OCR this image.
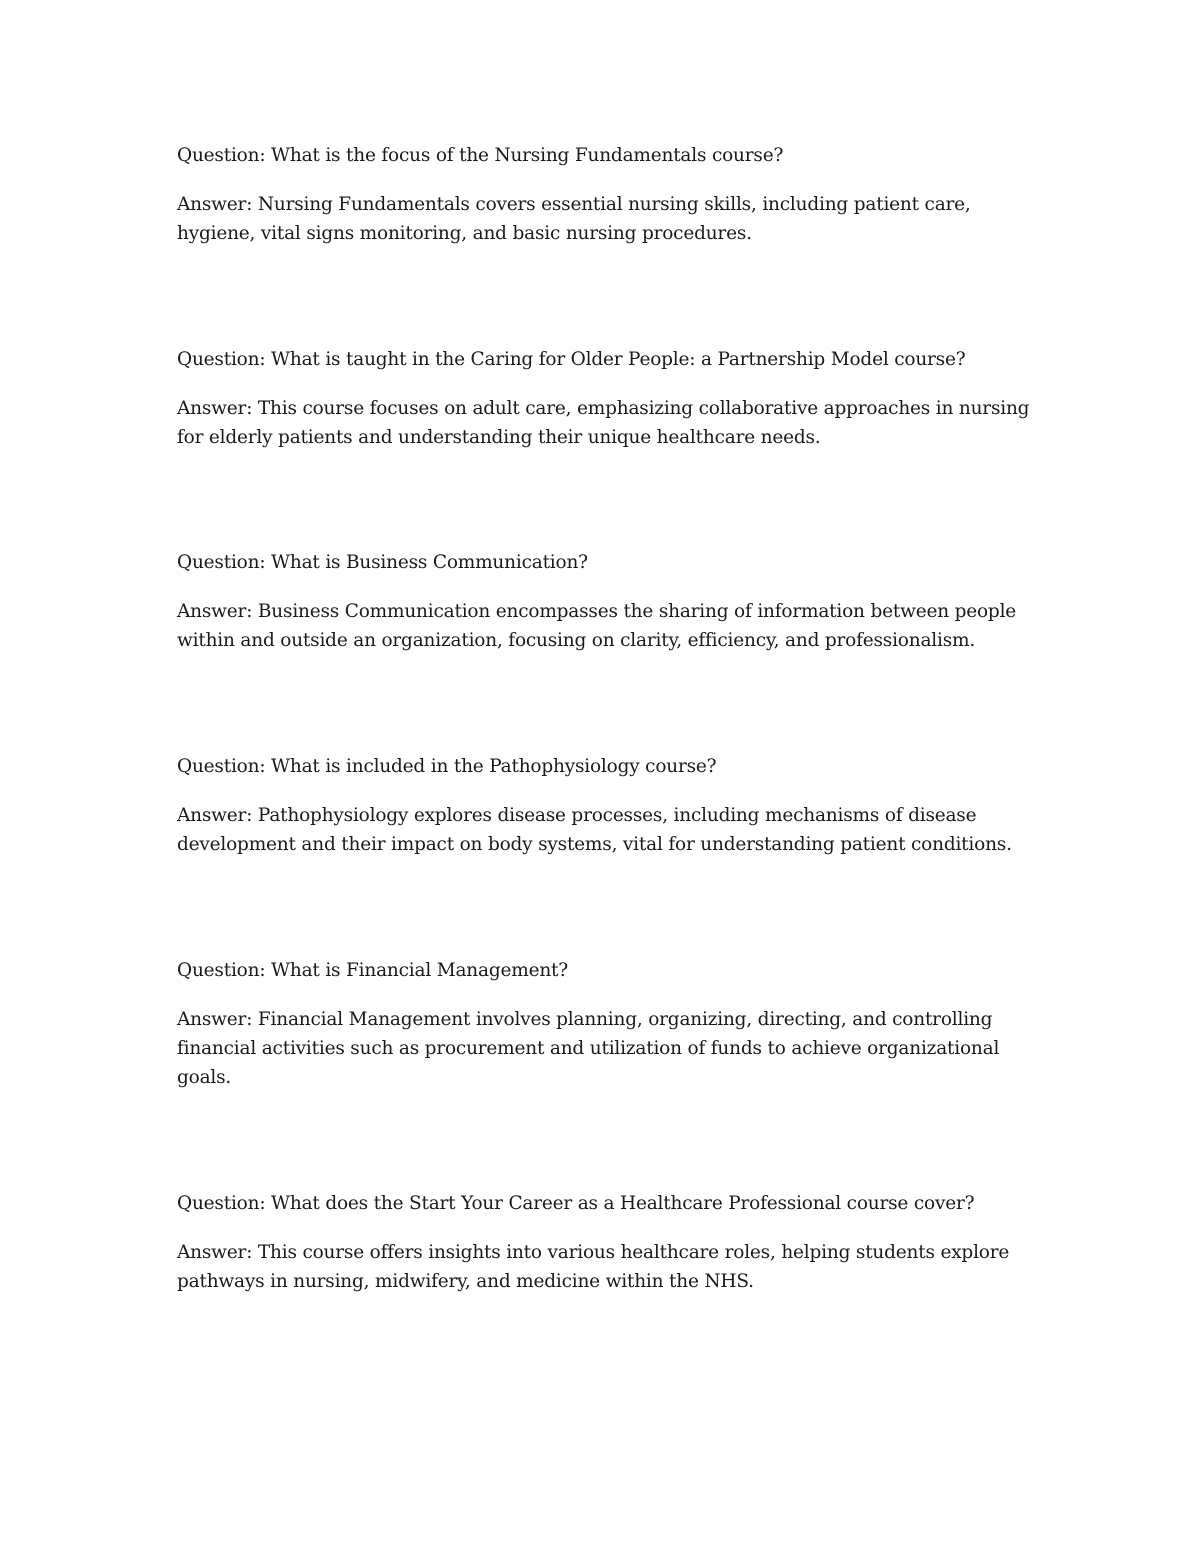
Question: What is the focus of the Nursing Fundamentals course?

Answer: Nursing Fundamentals covers essential nursing skills, including patient care, hygiene, vital signs monitoring, and basic nursing procedures.

Question: What is taught in the Caring for Older People: a Partnership Model course?

Answer: This course focuses on adult care, emphasizing collaborative approaches in nursing for elderly patients and understanding their unique healthcare needs.

Question: What is Business Communication?

Answer: Business Communication encompasses the sharing of information between people within and outside an organization, focusing on clarity, efficiency, and professionalism.

Question: What is included in the Pathophysiology course?

Answer: Pathophysiology explores disease processes, including mechanisms of disease development and their impact on body systems, vital for understanding patient conditions.

Question: What is Financial Management?

Answer: Financial Management involves planning, organizing, directing, and controlling financial activities such as procurement and utilization of funds to achieve organizational goals.

Question: What does the Start Your Career as a Healthcare Professional course cover?

Answer: This course offers insights into various healthcare roles, helping students explore pathways in nursing, midwifery, and medicine within the NHS.
